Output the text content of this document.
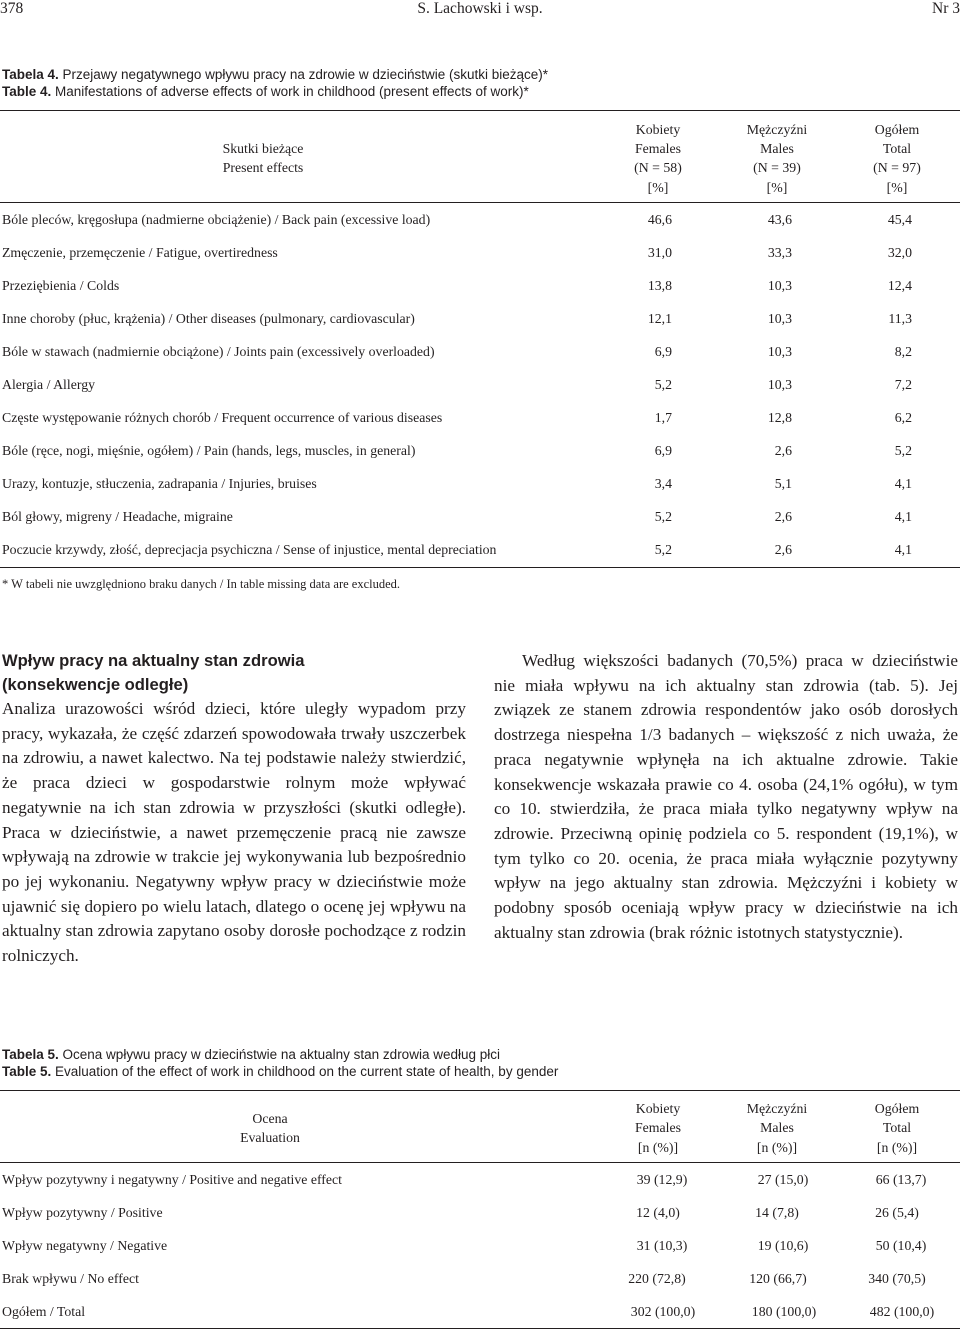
378	S. Lachowski i wsp.	Nr 3
Tabela 4. Przejawy negatywnego wpływu pracy na zdrowie w dzieciństwie (skutki bieżące)*
Table 4. Manifestations of adverse effects of work in childhood (present effects of work)*
Skutki bieżące
Present effects
Kobiety
Females
(N = 58)
[%]
Mężczyźni
Males
(N = 39)
[%]
Ogółem
Total
(N = 97)
[%]
Bóle pleców, kręgosłupa (nadmierne obciążenie) / Back pain (excessive load)	46,6	43,6	45,4
Zmęczenie, przemęczenie / Fatigue, overtiredness	31,0	33,3	32,0
Przeziębienia / Colds	13,8	10,3	12,4
Inne choroby (płuc, krążenia) / Other diseases (pulmonary, cardiovascular)	12,1	10,3	11,3
Bóle w stawach (nadmiernie obciążone) / Joints pain (excessively overloaded)	6,9	10,3	8,2
Alergia / Allergy	5,2	10,3	7,2
Częste występowanie różnych chorób / Frequent occurrence of various diseases	1,7	12,8	6,2
Bóle (ręce, nogi, mięśnie, ogółem) / Pain (hands, legs, muscles, in general)	6,9	2,6	5,2
Urazy, kontuzje, stłuczenia, zadrapania / Injuries, bruises	3,4	5,1	4,1
Ból głowy, migreny / Headache, migraine	5,2	2,6	4,1
Poczucie krzywdy, złość, deprecjacja psychiczna / Sense of injustice, mental depreciation	5,2	2,6	4,1
* W tabeli nie uwzględniono braku danych / In table missing data are excluded.
Wpływ pracy na aktualny stan zdrowia
(konsekwencje odległe)

Analiza urazowości wśród dzieci, które uległy wypadom przy pracy, wykazała, że część zdarzeń spowodowała trwały uszczerbek na zdrowiu, a nawet kalectwo. Na tej podstawie należy stwierdzić, że praca dzieci w gospodarstwie rolnym może wpływać negatywnie na ich stan zdrowia w przyszłości (skutki odległe). Praca w dzieciństwie, a nawet przemęczenie pracą nie zawsze wpływają na zdrowie w trakcie jej wykonywania lub bezpośrednio po jej wykonaniu. Negatywny wpływ pracy w dzieciństwie może ujawnić się dopiero po wielu latach, dlatego o ocenę jej wpływu na aktualny stan zdrowia zapytano osoby dorosłe pochodzące z rodzin rolniczych.

Według większości badanych (70,5%) praca w dzieciństwie nie miała wpływu na ich aktualny stan zdrowia (tab. 5). Jej związek ze stanem zdrowia respondentów jako osób dorosłych dostrzega niespełna 1/3 badanych – większość z nich uważa, że praca negatywnie wpłynęła na ich aktualne zdrowie. Takie konsekwencje wskazała prawie co 4. osoba (24,1% ogółu), w tym co 10. stwierdziła, że praca miała tylko negatywny wpływ na zdrowie. Przeciwną opinię podziela co 5. respondent (19,1%), w tym tylko co 20. ocenia, że praca miała wyłącznie pozytywny wpływ na jego aktualny stan zdrowia. Mężczyźni i kobiety w podobny sposób oceniają wpływ pracy w dzieciństwie na ich aktualny stan zdrowia (brak różnic istotnych statystycznie).

Tabela 5. Ocena wpływu pracy w dzieciństwie na aktualny stan zdrowia według płci
Table 5. Evaluation of the effect of work in childhood on the current state of health, by gender
Ocena
Evaluation
Kobiety
Females
[n (%)]
Mężczyźni
Males
[n (%)]
Ogółem
Total
[n (%)]
Wpływ pozytywny i negatywny / Positive and negative effect	39 (12,9)	27 (15,0)	66 (13,7)
Wpływ pozytywny / Positive	12 (4,0)	14 (7,8)	26 (5,4)
Wpływ negatywny / Negative	31 (10,3)	19 (10,6)	50 (10,4)
Brak wpływu / No effect	220 (72,8)	120 (66,7)	340 (70,5)
Ogółem / Total	302 (100,0)	180 (100,0)	482 (100,0)
